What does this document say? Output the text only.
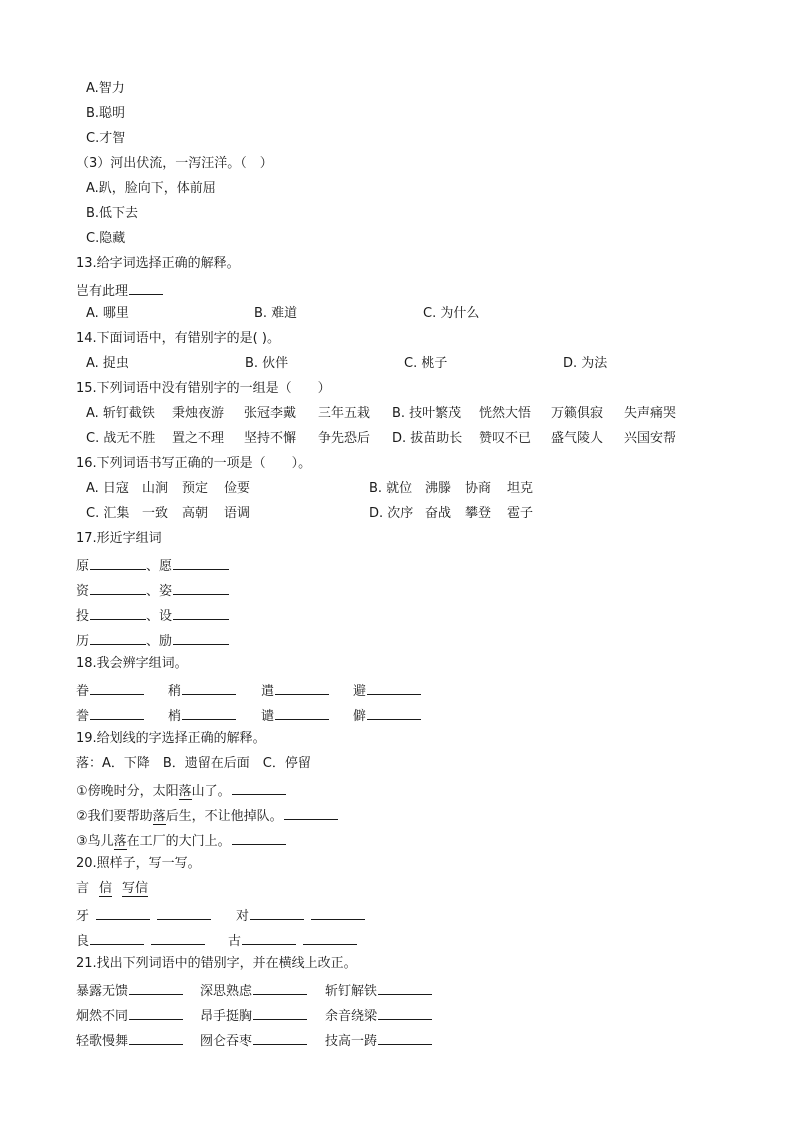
A.智力
B.聪明
C.才智
（3）河出伏流，一泻汪洋。（　）
A.趴，脸向下，体前屈
B.低下去
C.隐藏
13.给字词选择正确的解释。
岂有此理
A. 哪里	B. 难道	C. 为什么
14.下面词语中，有错别字的是( )。
A. 捉虫	B. 伙伴	C. 桃子	D. 为法
15.下列词语中没有错别字的一组是（　　）
A. 斩钉截铁 秉烛夜游 张冠李戴 三年五栽 B. 技叶繁茂 恍然大悟 万籁俱寂 失声痛哭
C. 战无不胜 置之不理 坚持不懈 争先恐后 D. 拔苗助长 赞叹不已 盛气陵人 兴国安帮
16.下列词语书写正确的一项是（　　）。
A. 日寇 山涧 预定 俭要	B. 就位 沸滕 协商 坦克
C. 汇集 一致 高朝 语调	D. 次序 奋战 攀登 雹子
17.形近字组词
原	、愿
资	、姿
投	、设
历	、励
18.我会辨字组词。
眷	稍	遣	避
誊	梢	谴	僻
19.给划线的字选择正确的解释。
落：A．下降　B．遗留在后面　C．停留
①傍晚时分，太阳落山了。
②我们要帮助落后生，不让他掉队。
③鸟儿落在工厂的大门上。
20.照样子，写一写。
言 信 写信
牙	对
良	古
21.找出下列词语中的错别字，并在横线上改正。
暴露无馈	深思熟虑	斩钉解铁
炯然不同	昂手挺胸	余音绕梁
轻歌慢舞	囫仑吞枣	技高一踌
